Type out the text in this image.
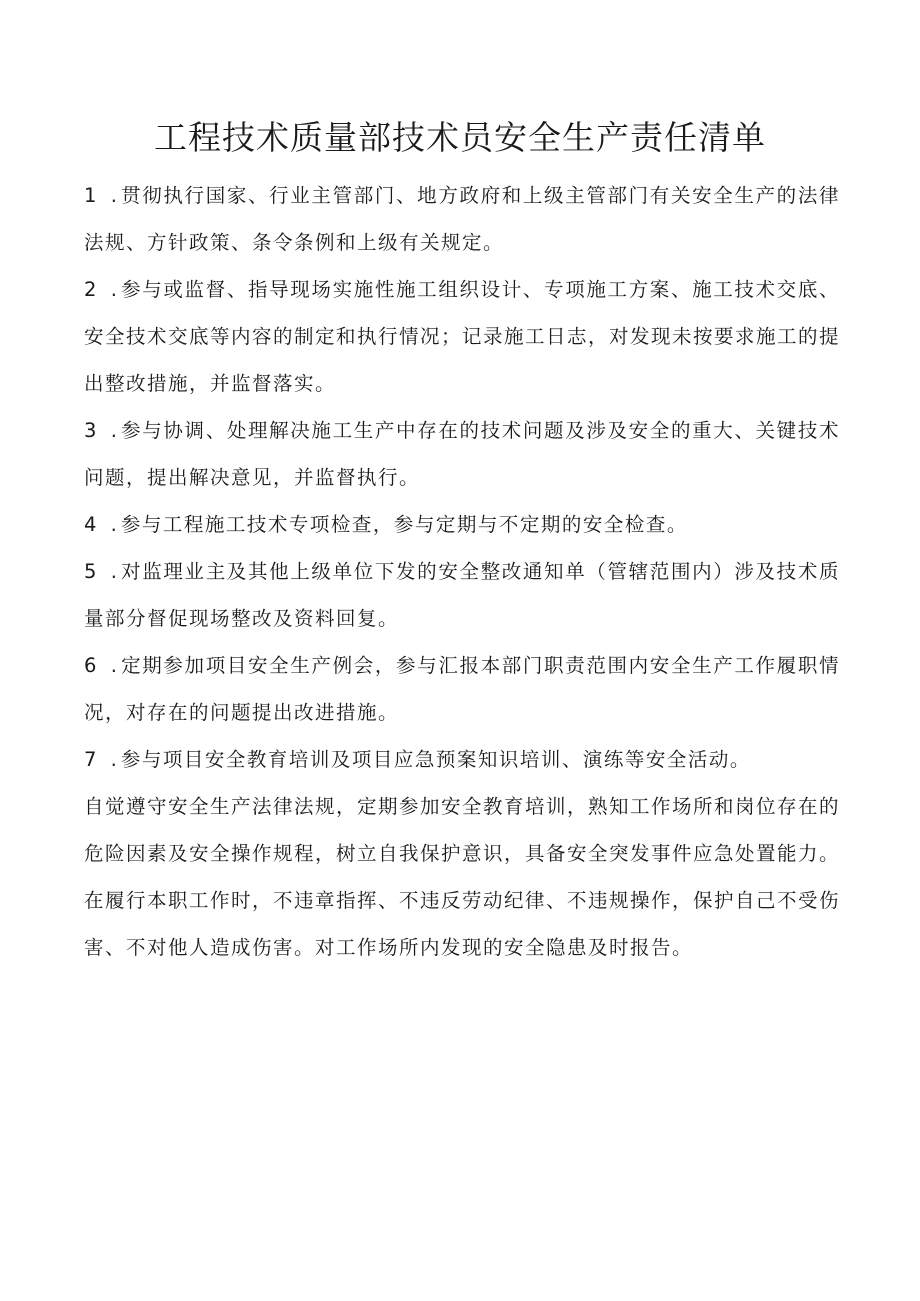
工程技术质量部技术员安全生产责任清单

1 .贯彻执行国家、行业主管部门、地方政府和上级主管部门有关安全生产的法律法规、方针政策、条令条例和上级有关规定。

2 .参与或监督、指导现场实施性施工组织设计、专项施工方案、施工技术交底、安全技术交底等内容的制定和执行情况；记录施工日志，对发现未按要求施工的提出整改措施，并监督落实。

3 .参与协调、处理解决施工生产中存在的技术问题及涉及安全的重大、关键技术问题，提出解决意见，并监督执行。

4 .参与工程施工技术专项检查，参与定期与不定期的安全检查。

5 .对监理业主及其他上级单位下发的安全整改通知单（管辖范围内）涉及技术质量部分督促现场整改及资料回复。

6 .定期参加项目安全生产例会，参与汇报本部门职责范围内安全生产工作履职情况，对存在的问题提出改进措施。

7 .参与项目安全教育培训及项目应急预案知识培训、演练等安全活动。

自觉遵守安全生产法律法规，定期参加安全教育培训，熟知工作场所和岗位存在的危险因素及安全操作规程，树立自我保护意识，具备安全突发事件应急处置能力。在履行本职工作时，不违章指挥、不违反劳动纪律、不违规操作，保护自己不受伤害、不对他人造成伤害。对工作场所内发现的安全隐患及时报告。
